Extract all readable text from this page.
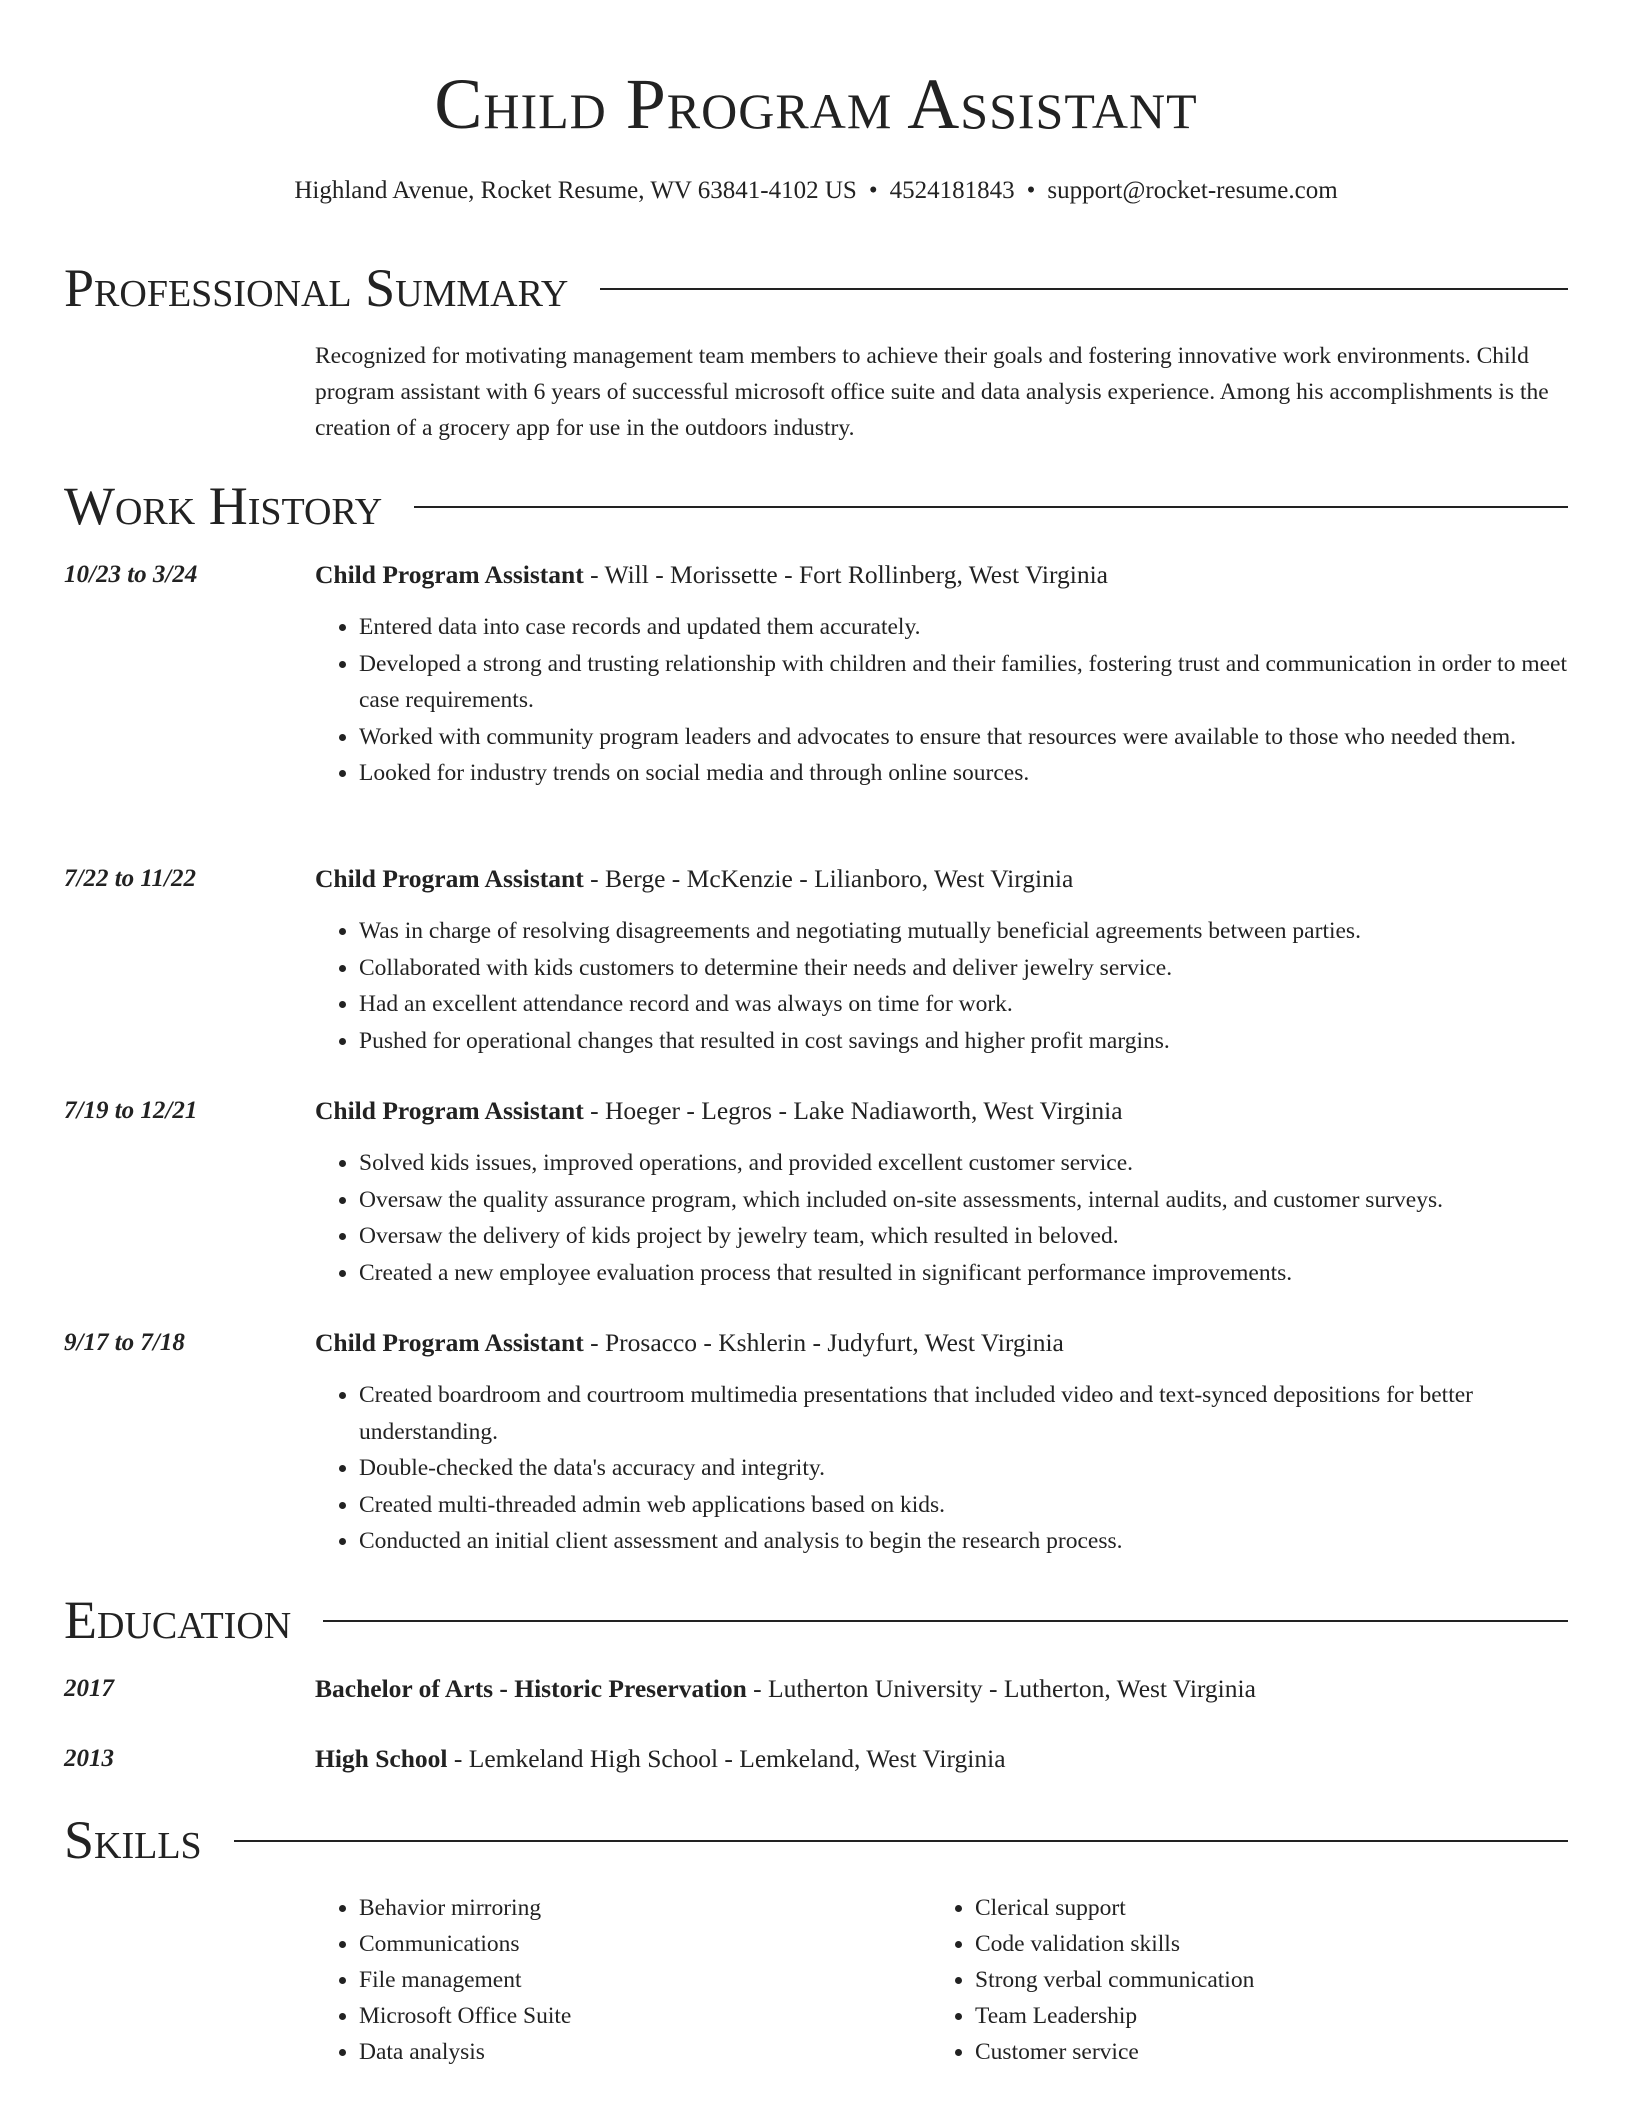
Child Program Assistant
Highland Avenue, Rocket Resume, WV 63841-4102 US • 4524181843 • support@rocket-resume.com
Professional Summary
Recognized for motivating management team members to achieve their goals and fostering innovative work environments. Child program assistant with 6 years of successful microsoft office suite and data analysis experience. Among his accomplishments is the creation of a grocery app for use in the outdoors industry.
Work History
10/23 to 3/24	Child Program Assistant - Will - Morissette - Fort Rollinberg, West Virginia
• Entered data into case records and updated them accurately.
• Developed a strong and trusting relationship with children and their families, fostering trust and communication in order to meet case requirements.
• Worked with community program leaders and advocates to ensure that resources were available to those who needed them.
• Looked for industry trends on social media and through online sources.
7/22 to 11/22	Child Program Assistant - Berge - McKenzie - Lilianboro, West Virginia
• Was in charge of resolving disagreements and negotiating mutually beneficial agreements between parties.
• Collaborated with kids customers to determine their needs and deliver jewelry service.
• Had an excellent attendance record and was always on time for work.
• Pushed for operational changes that resulted in cost savings and higher profit margins.
7/19 to 12/21	Child Program Assistant - Hoeger - Legros - Lake Nadiaworth, West Virginia
• Solved kids issues, improved operations, and provided excellent customer service.
• Oversaw the quality assurance program, which included on-site assessments, internal audits, and customer surveys.
• Oversaw the delivery of kids project by jewelry team, which resulted in beloved.
• Created a new employee evaluation process that resulted in significant performance improvements.
9/17 to 7/18	Child Program Assistant - Prosacco - Kshlerin - Judyfurt, West Virginia
• Created boardroom and courtroom multimedia presentations that included video and text-synced depositions for better understanding.
• Double-checked the data's accuracy and integrity.
• Created multi-threaded admin web applications based on kids.
• Conducted an initial client assessment and analysis to begin the research process.
Education
2017	Bachelor of Arts - Historic Preservation - Lutherton University - Lutherton, West Virginia
2013	High School - Lemkeland High School - Lemkeland, West Virginia
Skills
• Behavior mirroring
• Communications
• File management
• Microsoft Office Suite
• Data analysis
• Clerical support
• Code validation skills
• Strong verbal communication
• Team Leadership
• Customer service
